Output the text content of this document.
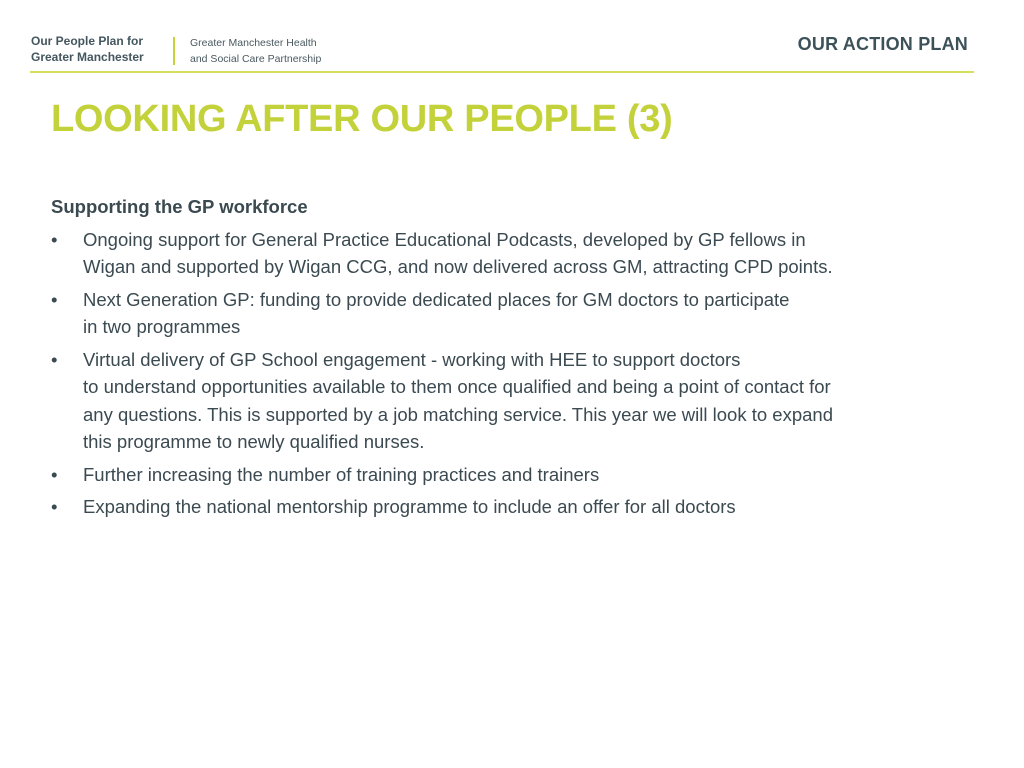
Our People Plan for
Greater Manchester
Greater Manchester Health
and Social Care Partnership
OUR ACTION PLAN
LOOKING AFTER OUR PEOPLE (3)
Supporting the GP workforce
• Ongoing support for General Practice Educational Podcasts, developed by GP fellows in
Wigan and supported by Wigan CCG, and now delivered across GM, attracting CPD points.
• Next Generation GP: funding to provide dedicated places for GM doctors to participate
in two programmes
• Virtual delivery of GP School engagement - working with HEE to support doctors
to understand opportunities available to them once qualified and being a point of contact for
any questions. This is supported by a job matching service. This year we will look to expand
this programme to newly qualified nurses.
• Further increasing the number of training practices and trainers
• Expanding the national mentorship programme to include an offer for all doctors
